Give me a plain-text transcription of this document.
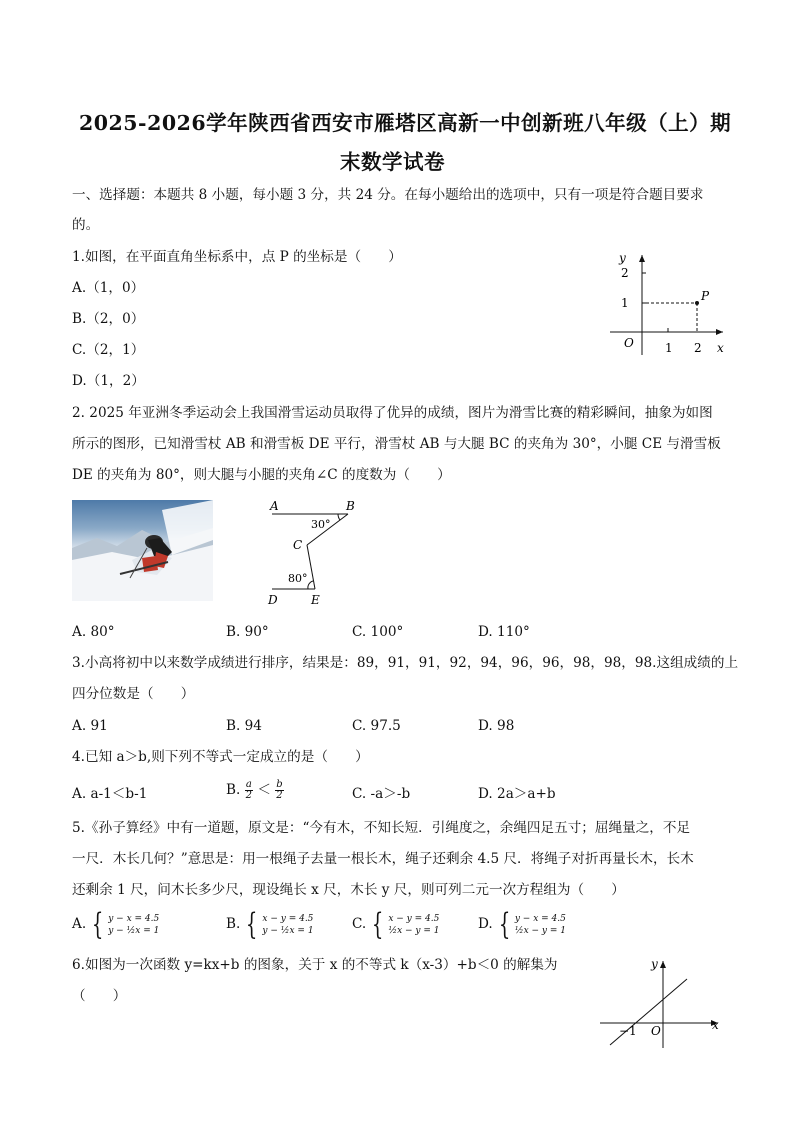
2025-2026学年陕西省西安市雁塔区高新一中创新班八年级（上）期
末数学试卷
一、选择题：本题共 8 小题，每小题 3 分，共 24 分。在每小题给出的选项中，只有一项是符合题目要求
的。
1.如图，在平面直角坐标系中，点 P 的坐标是（　　）
A.（1，0）
B.（2，0）
C.（2，1）
D.（1，2）
y
x
O
2
1
1 2
P
2. 2025 年亚洲冬季运动会上我国滑雪运动员取得了优异的成绩，图片为滑雪比赛的精彩瞬间，抽象为如图
所示的图形，已知滑雪杖 AB 和滑雪板 DE 平行，滑雪杖 AB 与大腿 BC 的夹角为 30°，小腿 CE 与滑雪板
DE 的夹角为 80°，则大腿与小腿的夹角∠C 的度数为（　　）
A	B
C
D	E
30°
80°
A. 80°	B. 90°	C. 100°	D. 110°
3.小高将初中以来数学成绩进行排序，结果是：89，91，91，92，94，96，96，98，98，98.这组成绩的上
四分位数是（　　）
A. 91	B. 94	C. 97.5	D. 98
4.已知 a＞b,则下列不等式一定成立的是（　　）
A. a-1＜b-1	B. $\frac{a}{2} < \frac{b}{2}$	C. -a＞-b	D. 2a＞a+b
5.《孙子算经》中有一道题，原文是：“今有木，不知长短．引绳度之，余绳四足五寸；屈绳量之，不足
一尺．木长几何？”意思是：用一根绳子去量一根长木，绳子还剩余 4.5 尺．将绳子对折再量长木，长木
还剩余 1 尺，问木长多少尺，现设绳长 x 尺，木长 y 尺，则可列二元一次方程组为（　　）
A. { y − x = 4.5
y − ½x = 1	B. { x − y = 4.5
y − ½x = 1	C. { x − y = 4.5
½x − y = 1	D. { y − x = 4.5
½x − y = 1
6.如图为一次函数 y=kx+b 的图象，关于 x 的不等式 k（x-3）+b＜0 的解集为
（　　）
y
x
O
−1
